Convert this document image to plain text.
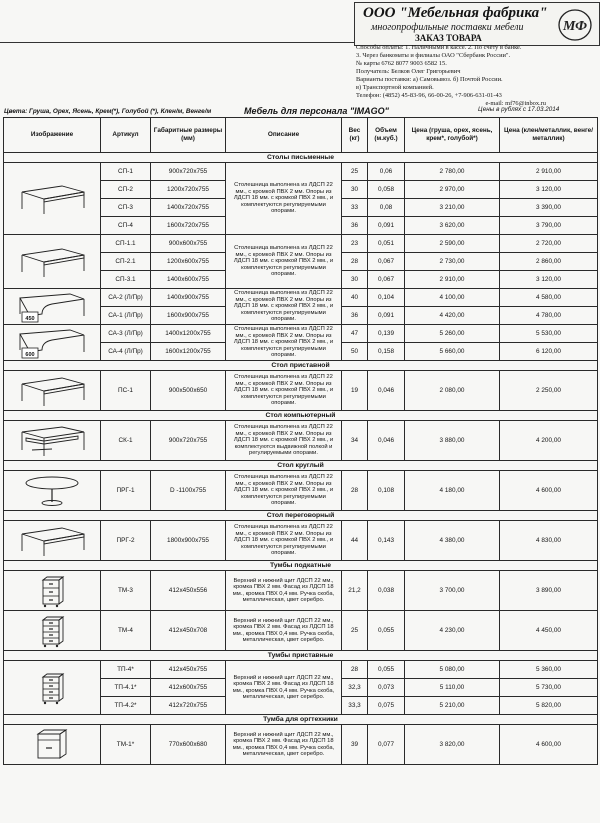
ООО "Мебельная фабрика"
многопрофильные поставки мебели
ЗАКАЗ ТОВАРА
МФ
Способы оплаты: 1. Наличными в кассе. 2. По счёту в банке.
3. Через банкоматы и филиалы ОАО "Сбербанк России".
№ карты 6762 8077 9003 6582 15.
Получатель: Белков Олег Григорьевич
Варианты поставки: а) Самовывоз. б) Почтой России.
в) Транспортной компанией.
Телефон: (4852) 45-83-96, 66-00-26, +7-906-631-01-43
e-mail: mf76@inbox.ru
Цвета: Груша, Орех, Ясень, Крем(*), Голубой (*), Клен/м, Венге/м	Мебель для персонала "IMAGO"	Цены в рублях с 17.03.2014
Изображение	Артикул	Габаритные размеры (мм)	Описание	Вес (кг)	Объем (м.куб.)	Цена (груша, орех, ясень, крем*, голубой*)	Цена (клен/металлик, венге/металлик)
Столы письменные							

	СП-1	900х720х755	Столешница выполнена из ЛДСП 22 мм., с кромкой ПВХ 2 мм. Опоры из ЛДСП 18 мм. с кромкой ПВХ 2 мм., и комплектуются регулируемыми опорами.	25	0,06	2 780,00	2 910,00
	СП-2	1200х720х755		30	0,058	2 970,00	3 120,00
	СП-3	1400х720х755		33	0,08	3 210,00	3 390,00
	СП-4	1600х720х755		36	0,091	3 620,00	3 790,00

	СП-1.1	900х600х755	Столешница выполнена из ЛДСП 22 мм., с кромкой ПВХ 2 мм. Опоры из ЛДСП 18 мм. с кромкой ПВХ 2 мм., и комплектуются регулируемыми опорами.	23	0,051	2 590,00	2 720,00
	СП-2.1	1200х600х755		28	0,067	2 730,00	2 860,00
	СП-3.1	1400х600х755		30	0,067	2 910,00	3 120,00

450	СА-2 (Л/Пр)	1400х900х755	Столешница выполнена из ЛДСП 22 мм., с кромкой ПВХ 2 мм. Опоры из ЛДСП 18 мм. с кромкой ПВХ 2 мм., и комплектуются регулируемыми опорами.	40	0,104	4 100,00	4 580,00
	СА-1 (Л/Пр)	1600х900х755		36	0,091	4 420,00	4 780,00

600	СА-3 (Л/Пр)	1400х1200х755	Столешница выполнена из ЛДСП 22 мм., с кромкой ПВХ 2 мм. Опоры из ЛДСП 18 мм. с кромкой ПВХ 2 мм., и комплектуются регулируемыми опорами.	47	0,139	5 260,00	5 530,00
	СА-4 (Л/Пр)	1600х1200х755		50	0,158	5 660,00	6 120,00
Стол приставной							

	ПС-1	900х500х650	Столешница выполнена из ЛДСП 22 мм., с кромкой ПВХ 2 мм. Опоры из ЛДСП 18 мм. с кромкой ПВХ 2 мм., и комплектуются регулируемыми опорами.	19	0,046	2 080,00	2 250,00
Стол компьютерный							

	СК-1	900х720х755	Столешница выполнена из ЛДСП 22 мм., с кромкой ПВХ 2 мм. Опоры из ЛДСП 18 мм. с кромкой ПВХ 2 мм., и комплектуются выдвижной полкой и регулируемыми опорами.	34	0,046	3 880,00	4 200,00
Стол круглый							

	ПРГ-1	D -1100х755	Столешница выполнена из ЛДСП 22 мм., с кромкой ПВХ 2 мм. Опоры из ЛДСП 18 мм. с кромкой ПВХ 2 мм., и комплектуются регулируемыми опорами.	28	0,108	4 180,00	4 600,00
Стол переговорный							

	ПРГ-2	1800х900х755	Столешница выполнена из ЛДСП 22 мм., с кромкой ПВХ 2 мм. Опоры из ЛДСП 18 мм. с кромкой ПВХ 2 мм., и комплектуются регулируемыми опорами.	44	0,143	4 380,00	4 830,00
Тумбы подкатные							

	ТМ-3	412х450х556	Верхний и нижний щит ЛДСП 22 мм., кромка ПВХ 2 мм. Фасад из ЛДСП 18 мм., кромка ПВХ 0,4 мм. Ручка скоба, металлическая, цвет серебро.	21,2	0,038	3 700,00	3 890,00

	ТМ-4	412х450х708	Верхний и нижний щит ЛДСП 22 мм., кромка ПВХ 2 мм. Фасад из ЛДСП 18 мм., кромка ПВХ 0,4 мм. Ручка скоба, металлическая, цвет серебро.	25	0,055	4 230,00	4 450,00
Тумбы приставные							

	ТП-4*	412х450х755	Верхний и нижний щит ЛДСП 22 мм., кромка ПВХ 2 мм. Фасад из ЛДСП 18 мм., кромка ПВХ 0,4 мм. Ручка скоба, металлическая, цвет серебро.	28	0,055	5 080,00	5 360,00
	ТП-4.1*	412х600х755		32,3	0,073	5 110,00	5 730,00
	ТП-4.2*	412х720х755		33,3	0,075	5 210,00	5 820,00
Тумба для оргтехники							

	ТМ-1*	770х600х680	Верхний и нижний щит ЛДСП 22 мм., кромка ПВХ 2 мм. Фасад из ЛДСП 18 мм., кромка ПВХ 0,4 мм. Ручка скоба, металлическая, цвет серебро.	39	0,077	3 820,00	4 600,00
